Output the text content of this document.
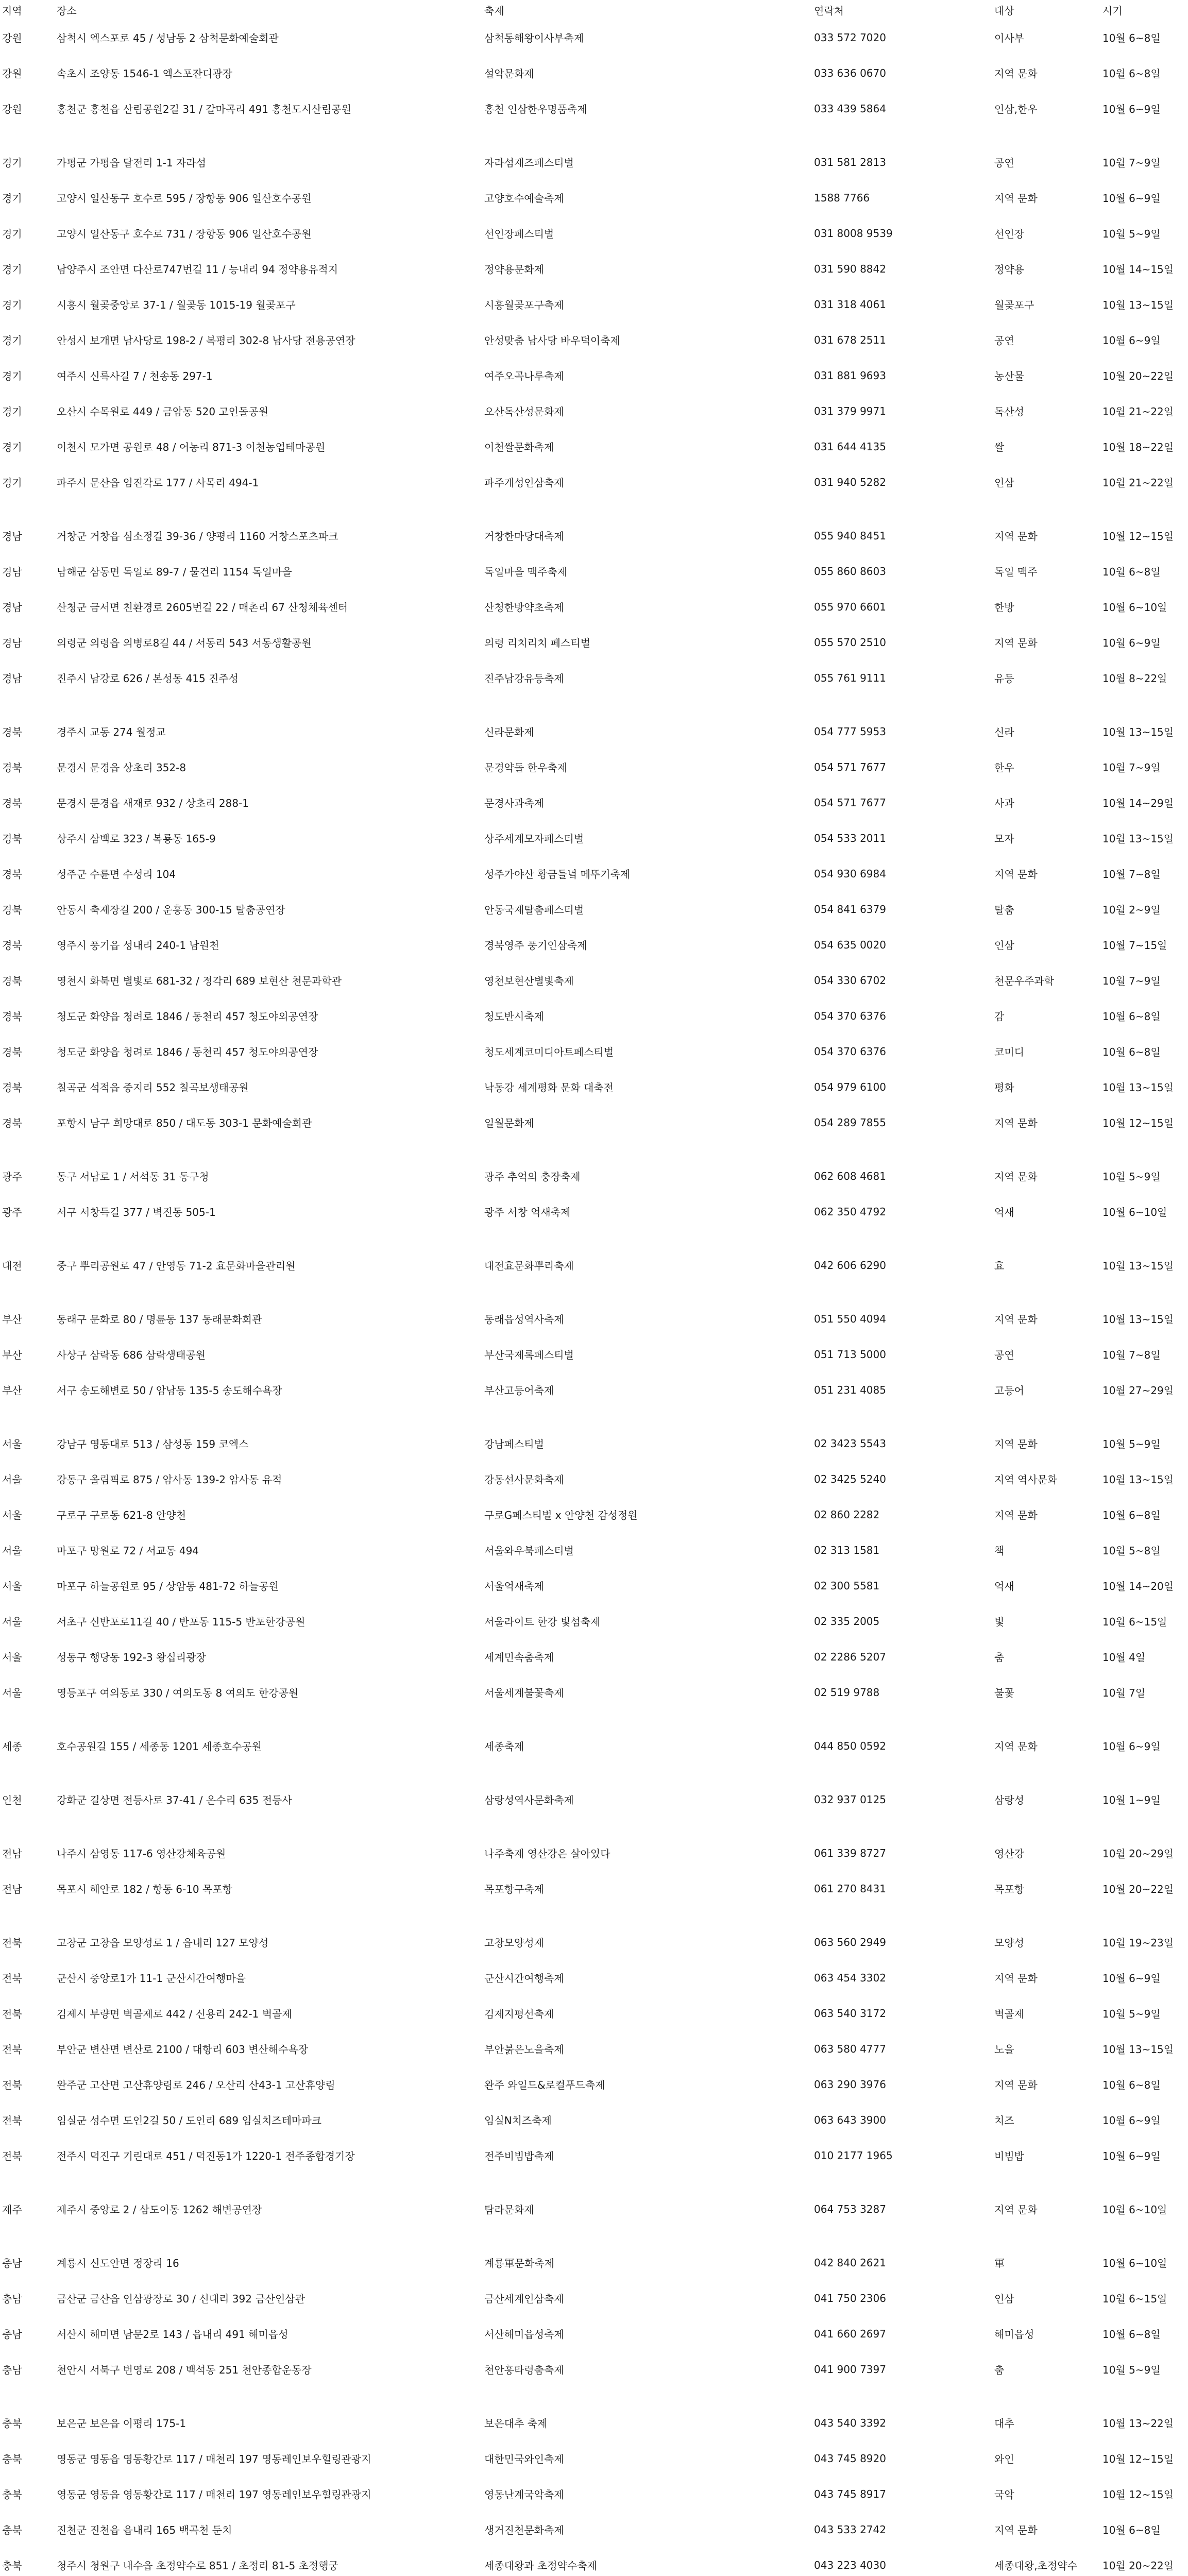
지역	장소	축제	연락처	대상	시기
강원	삼척시 엑스포로 45 / 성남동 2 삼척문화예술회관	삼척동해왕이사부축제	033 572 7020	이사부	10월 6~8일
강원	속초시 조양동 1546-1 엑스포잔디광장	설악문화제	033 636 0670	지역 문화	10월 6~8일
강원	홍천군 홍천읍 산림공원2길 31 / 갈마곡리 491 홍천도시산림공원	홍천 인삼한우명품축제	033 439 5864	인삼,한우	10월 6~9일
경기	가평군 가평읍 달전리 1-1 자라섬	자라섬재즈페스티벌	031 581 2813	공연	10월 7~9일
경기	고양시 일산동구 호수로 595 / 장항동 906 일산호수공원	고양호수예술축제	1588 7766	지역 문화	10월 6~9일
경기	고양시 일산동구 호수로 731 / 장항동 906 일산호수공원	선인장페스티벌	031 8008 9539	선인장	10월 5~9일
경기	남양주시 조안면 다산로747번길 11 / 능내리 94 정약용유적지	정약용문화제	031 590 8842	정약용	10월 14~15일
경기	시흥시 월곶중앙로 37-1 / 월곶동 1015-19 월곶포구	시흥월곶포구축제	031 318 4061	월곶포구	10월 13~15일
경기	안성시 보개면 남사당로 198-2 / 복평리 302-8 남사당 전용공연장	안성맞춤 남사당 바우덕이축제	031 678 2511	공연	10월 6~9일
경기	여주시 신륵사길 7 / 천송동 297-1	여주오곡나루축제	031 881 9693	농산물	10월 20~22일
경기	오산시 수목원로 449 / 금암동 520 고인돌공원	오산독산성문화제	031 379 9971	독산성	10월 21~22일
경기	이천시 모가면 공원로 48 / 어농리 871-3 이천농업테마공원	이천쌀문화축제	031 644 4135	쌀	10월 18~22일
경기	파주시 문산읍 임진각로 177 / 사목리 494-1	파주개성인삼축제	031 940 5282	인삼	10월 21~22일
경남	거창군 거창읍 심소정길 39-36 / 양평리 1160 거창스포츠파크	거창한마당대축제	055 940 8451	지역 문화	10월 12~15일
경남	남해군 삼동면 독일로 89-7 / 물건리 1154 독일마을	독일마을 맥주축제	055 860 8603	독일 맥주	10월 6~8일
경남	산청군 금서면 친환경로 2605번길 22 / 매촌리 67 산청체육센터	산청한방약초축제	055 970 6601	한방	10월 6~10일
경남	의령군 의령읍 의병로8길 44 / 서동리 543 서동생활공원	의령 리치리치 페스티벌	055 570 2510	지역 문화	10월 6~9일
경남	진주시 남강로 626 / 본성동 415 진주성	진주남강유등축제	055 761 9111	유등	10월 8~22일
경북	경주시 교동 274 월정교	신라문화제	054 777 5953	신라	10월 13~15일
경북	문경시 문경읍 상초리 352-8	문경약돌 한우축제	054 571 7677	한우	10월 7~9일
경북	문경시 문경읍 새재로 932 / 상초리 288-1	문경사과축제	054 571 7677	사과	10월 14~29일
경북	상주시 삼백로 323 / 복룡동 165-9	상주세계모자페스티벌	054 533 2011	모자	10월 13~15일
경북	성주군 수륜면 수성리 104	성주가야산 황금들녘 메뚜기축제	054 930 6984	지역 문화	10월 7~8일
경북	안동시 축제장길 200 / 운흥동 300-15 탈춤공연장	안동국제탈춤페스티벌	054 841 6379	탈춤	10월 2~9일
경북	영주시 풍기읍 성내리 240-1 남원천	경북영주 풍기인삼축제	054 635 0020	인삼	10월 7~15일
경북	영천시 화북면 별빛로 681-32 / 정각리 689 보현산 천문과학관	영천보현산별빛축제	054 330 6702	천문우주과학	10월 7~9일
경북	청도군 화양읍 청려로 1846 / 동천리 457 청도야외공연장	청도반시축제	054 370 6376	감	10월 6~8일
경북	청도군 화양읍 청려로 1846 / 동천리 457 청도야외공연장	청도세계코미디아트페스티벌	054 370 6376	코미디	10월 6~8일
경북	칠곡군 석적읍 중지리 552 칠곡보생태공원	낙동강 세계평화 문화 대축전	054 979 6100	평화	10월 13~15일
경북	포항시 남구 희망대로 850 / 대도동 303-1 문화예술회관	일월문화제	054 289 7855	지역 문화	10월 12~15일
광주	동구 서남로 1 / 서석동 31 동구청	광주 추억의 충장축제	062 608 4681	지역 문화	10월 5~9일
광주	서구 서창득길 377 / 벽진동 505-1	광주 서창 억새축제	062 350 4792	억새	10월 6~10일
대전	중구 뿌리공원로 47 / 안영동 71-2 효문화마을관리원	대전효문화뿌리축제	042 606 6290	효	10월 13~15일
부산	동래구 문화로 80 / 명륜동 137 동래문화회관	동래읍성역사축제	051 550 4094	지역 문화	10월 13~15일
부산	사상구 삼락동 686 삼락생태공원	부산국제록페스티벌	051 713 5000	공연	10월 7~8일
부산	서구 송도해변로 50 / 암남동 135-5 송도해수욕장	부산고등어축제	051 231 4085	고등어	10월 27~29일
서울	강남구 영동대로 513 / 삼성동 159 코엑스	강남페스티벌	02 3423 5543	지역 문화	10월 5~9일
서울	강동구 올림픽로 875 / 암사동 139-2 암사동 유적	강동선사문화축제	02 3425 5240	지역 역사문화	10월 13~15일
서울	구로구 구로동 621-8 안양천	구로G페스티벌 x 안양천 감성정원	02 860 2282	지역 문화	10월 6~8일
서울	마포구 망원로 72 / 서교동 494	서울와우북페스티벌	02 313 1581	책	10월 5~8일
서울	마포구 하늘공원로 95 / 상암동 481-72 하늘공원	서울억새축제	02 300 5581	억새	10월 14~20일
서울	서초구 신반포로11길 40 / 반포동 115-5 반포한강공원	서울라이트 한강 빛섬축제	02 335 2005	빛	10월 6~15일
서울	성동구 행당동 192-3 왕십리광장	세계민속춤축제	02 2286 5207	춤	10월 4일
서울	영등포구 여의동로 330 / 여의도동 8 여의도 한강공원	서울세계불꽃축제	02 519 9788	불꽃	10월 7일
세종	호수공원길 155 / 세종동 1201 세종호수공원	세종축제	044 850 0592	지역 문화	10월 6~9일
인천	강화군 길상면 전등사로 37-41 / 온수리 635 전등사	삼랑성역사문화축제	032 937 0125	삼랑성	10월 1~9일
전남	나주시 삼영동 117-6 영산강체육공원	나주축제 영산강은 살아있다	061 339 8727	영산강	10월 20~29일
전남	목포시 해안로 182 / 항동 6-10 목포항	목포항구축제	061 270 8431	목포항	10월 20~22일
전북	고창군 고창읍 모양성로 1 / 읍내리 127 모양성	고창모양성제	063 560 2949	모양성	10월 19~23일
전북	군산시 중앙로1가 11-1 군산시간여행마을	군산시간여행축제	063 454 3302	지역 문화	10월 6~9일
전북	김제시 부량면 벽골제로 442 / 신용리 242-1 벽골제	김제지평선축제	063 540 3172	벽골제	10월 5~9일
전북	부안군 변산면 변산로 2100 / 대항리 603 변산해수욕장	부안붉은노을축제	063 580 4777	노을	10월 13~15일
전북	완주군 고산면 고산휴양림로 246 / 오산리 산43-1 고산휴양림	완주 와일드&로컬푸드축제	063 290 3976	지역 문화	10월 6~8일
전북	임실군 성수면 도인2길 50 / 도인리 689 임실치즈테마파크	임실N치즈축제	063 643 3900	치즈	10월 6~9일
전북	전주시 덕진구 기린대로 451 / 덕진동1가 1220-1 전주종합경기장	전주비빔밥축제	010 2177 1965	비빔밥	10월 6~9일
제주	제주시 중앙로 2 / 삼도이동 1262 해변공연장	탐라문화제	064 753 3287	지역 문화	10월 6~10일
충남	계룡시 신도안면 정장리 16	계룡軍문화축제	042 840 2621	軍	10월 6~10일
충남	금산군 금산읍 인삼광장로 30 / 신대리 392 금산인삼관	금산세계인삼축제	041 750 2306	인삼	10월 6~15일
충남	서산시 해미면 남문2로 143 / 읍내리 491 해미읍성	서산해미읍성축제	041 660 2697	해미읍성	10월 6~8일
충남	천안시 서북구 번영로 208 / 백석동 251 천안종합운동장	천안흥타령춤축제	041 900 7397	춤	10월 5~9일
충북	보은군 보은읍 이평리 175-1	보은대추 축제	043 540 3392	대추	10월 13~22일
충북	영동군 영동읍 영동황간로 117 / 매천리 197 영동레인보우힐링관광지	대한민국와인축제	043 745 8920	와인	10월 12~15일
충북	영동군 영동읍 영동황간로 117 / 매천리 197 영동레인보우힐링관광지	영동난계국악축제	043 745 8917	국악	10월 12~15일
충북	진천군 진천읍 읍내리 165 백곡천 둔치	생거진천문화축제	043 533 2742	지역 문화	10월 6~8일
충북	청주시 청원구 내수읍 초정약수로 851 / 초정리 81-5 초정행궁	세종대왕과 초정약수축제	043 223 4030	세종대왕,초정약수	10월 20~22일
